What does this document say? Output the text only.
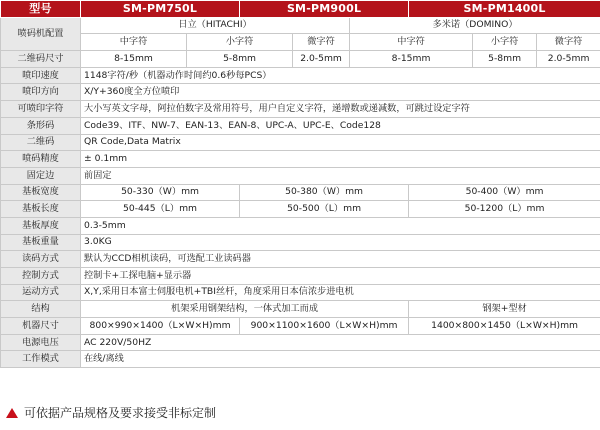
型号	SM-PM750L		SM-PM900L			SM-PM1400L		
喷码机配置	日立（HITACHI）				多米诺（DOMINO）			
	中字符	小字符		微字符	中字符		小字符	微字符
二维码尺寸	8-15mm	5-8mm		2.0-5mm	8-15mm		5-8mm	2.0-5mm
喷印速度	1148字符/秒（机器动作时间约0.6秒每PCS）							
喷印方向	X/Y+360度全方位喷印							
可喷印字符	大小写英文字母，阿拉伯数字及常用符号，用户自定义字符，递增数或递减数，可跳过设定字符							
条形码	Code39、ITF、NW-7、EAN-13、EAN-8、UPC-A、UPC-E、Code128							
二维码	QR Code,Data Matrix							
喷码精度	± 0.1mm							
固定边	前固定							
基板宽度	50-330（W）mm		50-380（W）mm			50-400（W）mm		
基板长度	50-445（L）mm		50-500（L）mm			50-1200（L）mm		
基板厚度	0.3-5mm							
基板重量	3.0KG							
读码方式	默认为CCD相机读码，可选配工业读码器							
控制方式	控制卡+工探电脑+显示器							
运动方式	X,Y,采用日本富士伺服电机+TBI丝杆，角度采用日本信浓步进电机							
结构	机架采用钢架结构，一体式加工而成					钢架+型材		
机器尺寸	800×990×1400（L×W×H)mm		900×1100×1600（L×W×H)mm			1400×800×1450（L×W×H)mm		
电源电压	AC 220V/50HZ							
工作模式	在线/离线							
可依据产品规格及要求接受非标定制
